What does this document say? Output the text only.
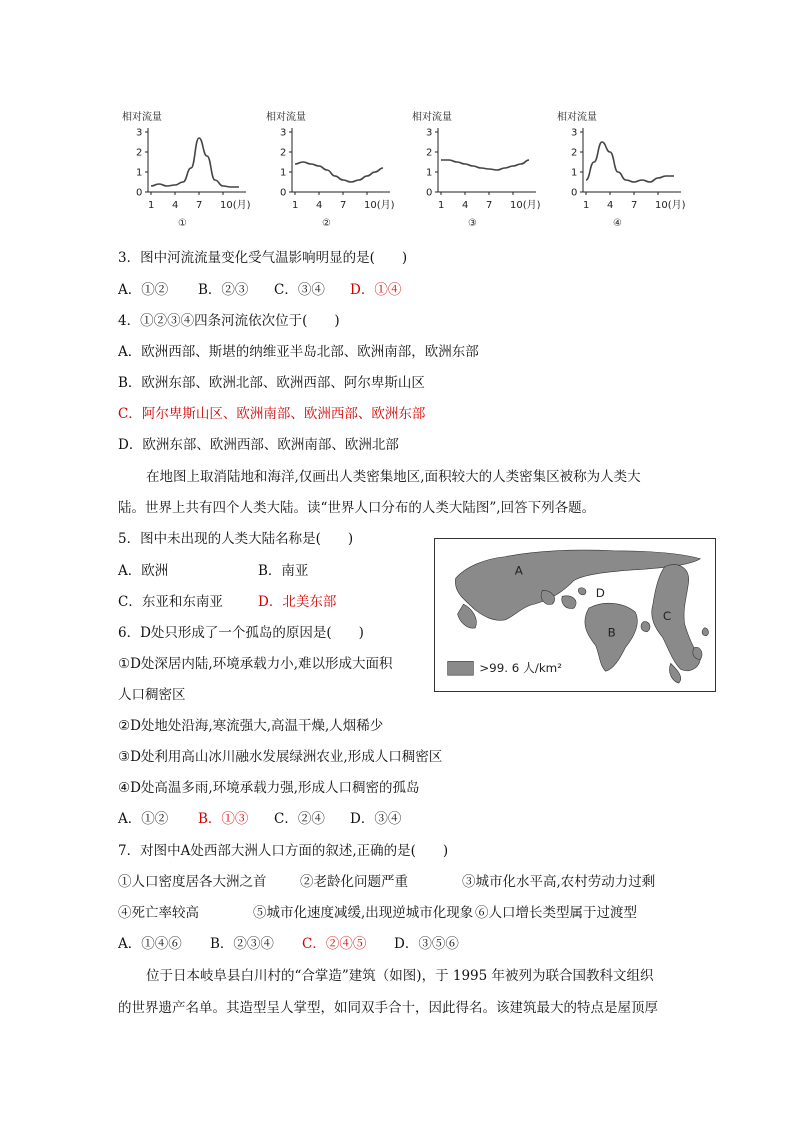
相对流量
0
1
2
3
1 4 7 10(月)
①
相对流量
0
1
2
3
1 4 7 10(月)
②
相对流量
0
1
2
3
1 4 7 10(月)
③
相对流量
0
1
2
3
1 4 7 10(月)
④
3．图中河流流量变化受气温影响明显的是(　　)
A．①② B．②③ C．③④ D．①④
4．①②③④四条河流依次位于(　　)
A．欧洲西部、斯堪的纳维亚半岛北部、欧洲南部，欧洲东部
B．欧洲东部、欧洲北部、欧洲西部、阿尔卑斯山区
C．阿尔卑斯山区、欧洲南部、欧洲西部、欧洲东部
D．欧洲东部、欧洲西部、欧洲南部、欧洲北部
在地图上取消陆地和海洋,仅画出人类密集地区,面积较大的人类密集区被称为人类大
陆。世界上共有四个人类大陆。读“世界人口分布的人类大陆图”,回答下列各题。
5．图中未出现的人类大陆名称是(　　)
A．欧洲	B．南亚
C．东亚和东南亚	D．北美东部
6．D处只形成了一个孤岛的原因是(　　)
①D处深居内陆,环境承载力小,难以形成大面积
人口稠密区
②D处地处沿海,寒流强大,高温干燥,人烟稀少
③D处利用高山冰川融水发展绿洲农业,形成人口稠密区
④D处高温多雨,环境承载力强,形成人口稠密的孤岛
A．①② B．①③ C．②④ D．③④
A
B
C
D
>99. 6 人/km²
7．对图中A处西部大洲人口方面的叙述,正确的是(　　)
①人口密度居各大洲之首 ②老龄化问题严重	③城市化水平高,农村劳动力过剩
④死亡率较高	⑤城市化速度减缓,出现逆城市化现象 ⑥人口增长类型属于过渡型
A．①④⑥ B．②③④ C．②④⑤ D．③⑤⑥
位于日本岐阜县白川村的“合掌造”建筑（如图)，于 1995 年被列为联合国教科文组织
的世界遗产名单。其造型呈人掌型，如同双手合十，因此得名。该建筑最大的特点是屋顶厚
